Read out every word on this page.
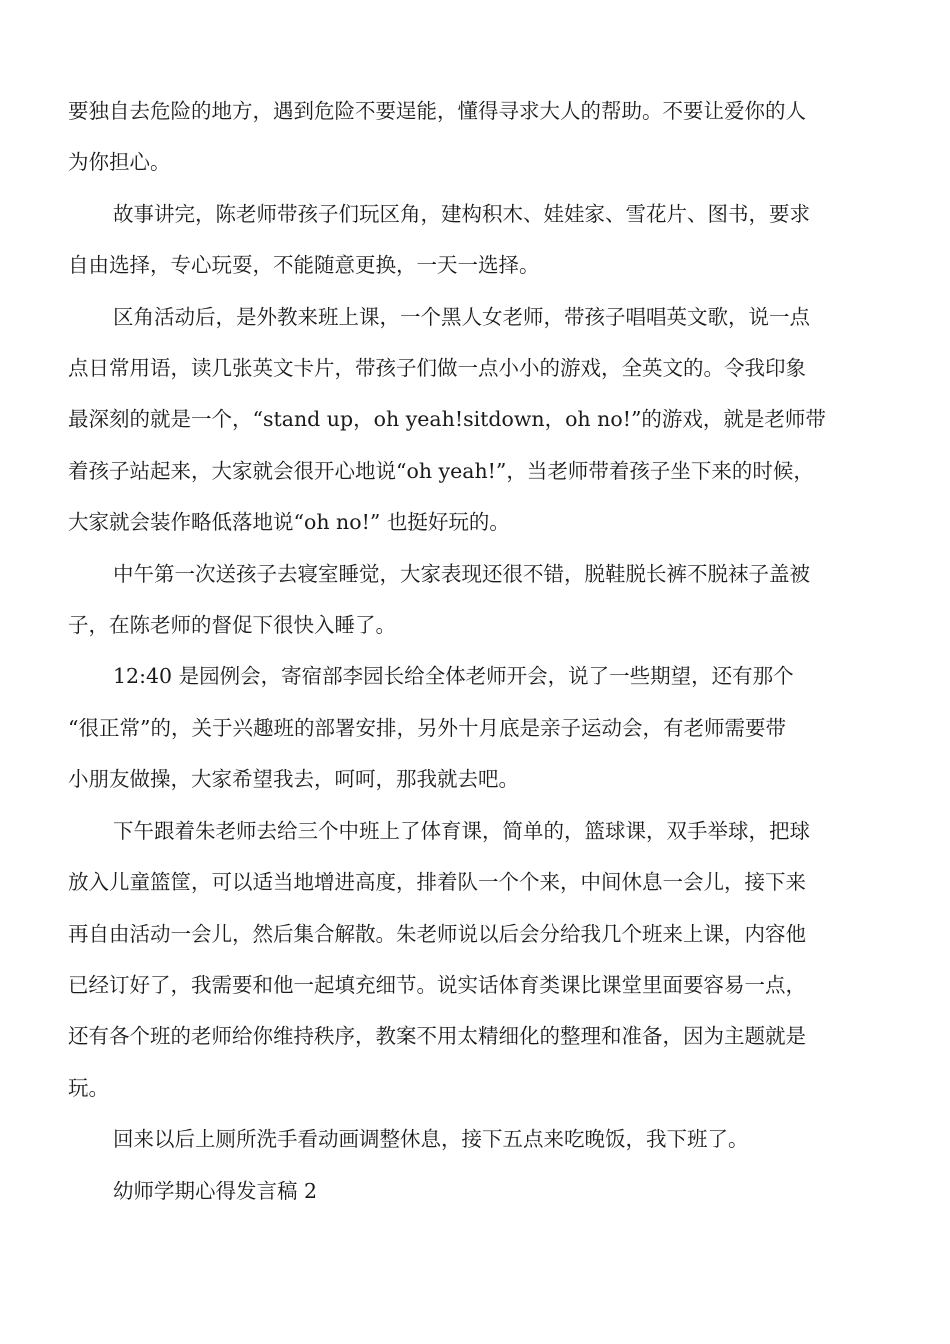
要独自去危险的地方，遇到危险不要逞能，懂得寻求大人的帮助。不要让爱你的人
为你担心。
故事讲完，陈老师带孩子们玩区角，建构积木、娃娃家、雪花片、图书，要求
自由选择，专心玩耍，不能随意更换，一天一选择。
区角活动后，是外教来班上课，一个黑人女老师，带孩子唱唱英文歌，说一点
点日常用语，读几张英文卡片，带孩子们做一点小小的游戏，全英文的。令我印象
最深刻的就是一个，“stand up，oh yeah!sitdown，oh no!”的游戏，就是老师带
着孩子站起来，大家就会很开心地说“oh yeah!”，当老师带着孩子坐下来的时候，
大家就会装作略低落地说“oh no!” 也挺好玩的。
中午第一次送孩子去寝室睡觉，大家表现还很不错，脱鞋脱长裤不脱袜子盖被
子，在陈老师的督促下很快入睡了。
12:40 是园例会，寄宿部李园长给全体老师开会，说了一些期望，还有那个
“很正常”的，关于兴趣班的部署安排，另外十月底是亲子运动会，有老师需要带
小朋友做操，大家希望我去，呵呵，那我就去吧。
下午跟着朱老师去给三个中班上了体育课，简单的，篮球课，双手举球，把球
放入儿童篮筐，可以适当地增进高度，排着队一个个来，中间休息一会儿，接下来
再自由活动一会儿，然后集合解散。朱老师说以后会分给我几个班来上课，内容他
已经订好了，我需要和他一起填充细节。说实话体育类课比课堂里面要容易一点，
还有各个班的老师给你维持秩序，教案不用太精细化的整理和准备，因为主题就是
玩。
回来以后上厕所洗手看动画调整休息，接下五点来吃晚饭，我下班了。
幼师学期心得发言稿 2
